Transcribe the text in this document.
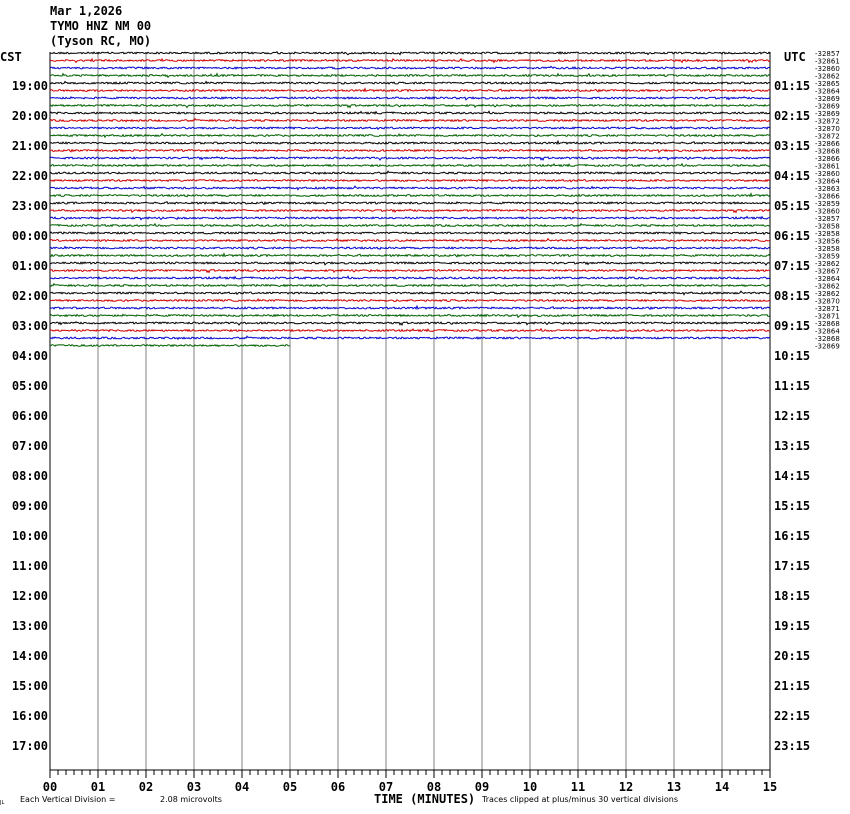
-32857
-32861
-32860
-32862
-32865
-32864
-32869
-32869
-32869
-32872
-32870
-32872
-32866
-32868
-32866
-32861
-32860
-32864
-32863
-32866
-32859
-32860
-32857
-32858
-32858
-32856
-32858
-32859
-32862
-32867
-32864
-32862
-32862
-32870
-32871
-32871
-32868
-32864
-32868
-32869
19:00
20:00
21:00
22:00
23:00
00:00
01:00
02:00
03:00
04:00
05:00
06:00
07:00
08:00
09:00
10:00
11:00
12:00
13:00
14:00
15:00
16:00
17:00
01:15
02:15
03:15
04:15
05:15
06:15
07:15
08:15
09:15
10:15
11:15
12:15
13:15
14:15
15:15
16:15
17:15
18:15
19:15
20:15
21:15
22:15
23:15
00	01	02	03	04	05	06	07	08	09	10	11	12	13	14	15
CST	UTC
TIME (MINUTES)
JL Each Vertical Division =	2.08 microvolts	Traces clipped at plus/minus 30 vertical divisions
Mar 1,2026
TYMO HNZ NM 00
(Tyson RC, MO)
